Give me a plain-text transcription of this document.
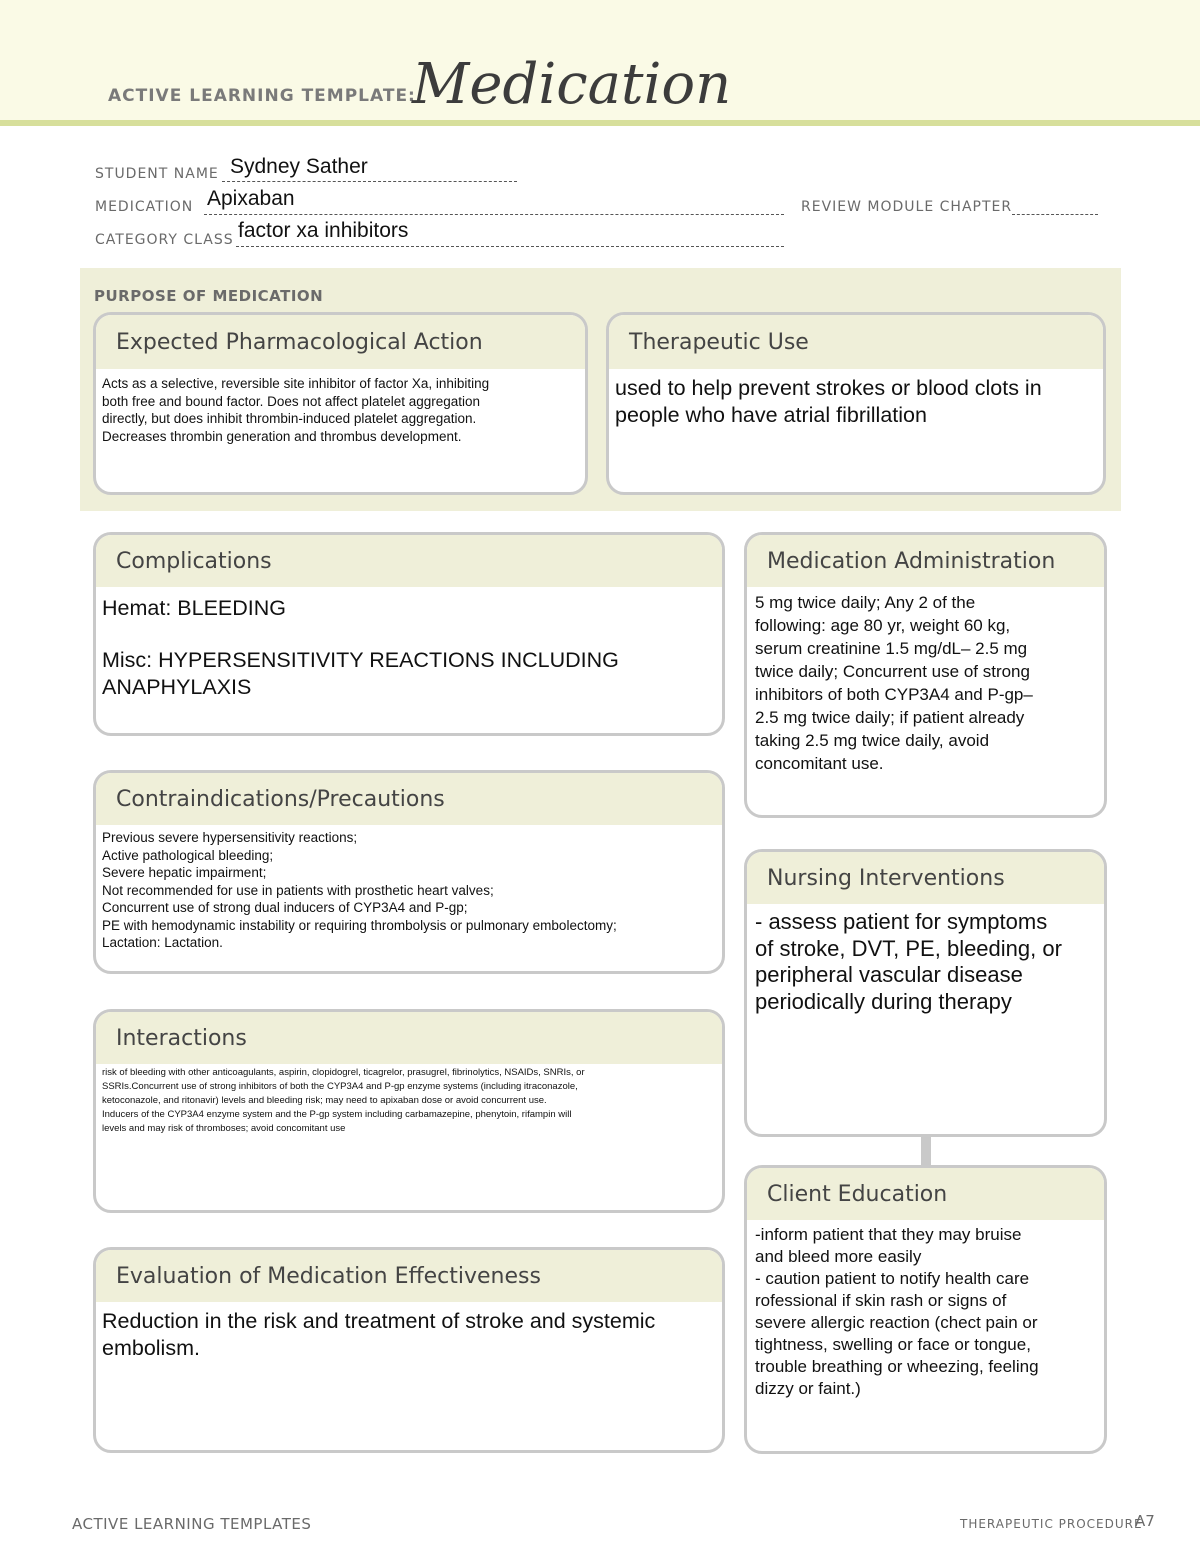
ACTIVE LEARNING TEMPLATE:
Medication
STUDENT NAME Sydney Sather
MEDICATION Apixaban	REVIEW MODULE CHAPTER
CATEGORY CLASS factor xa inhibitors
PURPOSE OF MEDICATION
Expected Pharmacological Action
Acts as a selective, reversible site inhibitor of factor Xa, inhibiting
both free and bound factor. Does not affect platelet aggregation
directly, but does inhibit thrombin-induced platelet aggregation.
Decreases thrombin generation and thrombus development.
Therapeutic Use
used to help prevent strokes or blood clots in
people who have atrial fibrillation
Complications
Hemat: BLEEDING
Misc: HYPERSENSITIVITY REACTIONS INCLUDING
ANAPHYLAXIS
Contraindications/Precautions
Previous severe hypersensitivity reactions;
Active pathological bleeding;
Severe hepatic impairment;
Not recommended for use in patients with prosthetic heart valves;
Concurrent use of strong dual inducers of CYP3A4 and P-gp;
PE with hemodynamic instability or requiring thrombolysis or pulmonary embolectomy;
Lactation: Lactation.
Interactions
risk of bleeding with other anticoagulants, aspirin, clopidogrel, ticagrelor, prasugrel, fibrinolytics, NSAIDs, SNRIs, or
SSRIs.Concurrent use of strong inhibitors of both the CYP3A4 and P-gp enzyme systems (including itraconazole,
ketoconazole, and ritonavir) levels and bleeding risk; may need to apixaban dose or avoid concurrent use.
Inducers of the CYP3A4 enzyme system and the P-gp system including carbamazepine, phenytoin, rifampin will
levels and may risk of thromboses; avoid concomitant use
Evaluation of Medication Effectiveness
Reduction in the risk and treatment of stroke and systemic
embolism.
Medication Administration
5 mg twice daily; Any 2 of the
following: age 80 yr, weight 60 kg,
serum creatinine 1.5 mg/dL– 2.5 mg
twice daily; Concurrent use of strong
inhibitors of both CYP3A4 and P-gp–
2.5 mg twice daily; if patient already
taking 2.5 mg twice daily, avoid
concomitant use.
Nursing Interventions
- assess patient for symptoms
of stroke, DVT, PE, bleeding, or
peripheral vascular disease
periodically during therapy
Client Education
-inform patient that they may bruise
and bleed more easily
- caution patient to notify health care
rofessional if skin rash or signs of
severe allergic reaction (chect pain or
tightness, swelling or face or tongue,
trouble breathing or wheezing, feeling
dizzy or faint.)
ACTIVE LEARNING TEMPLATES	THERAPEUTIC PROCEDURE
A7
